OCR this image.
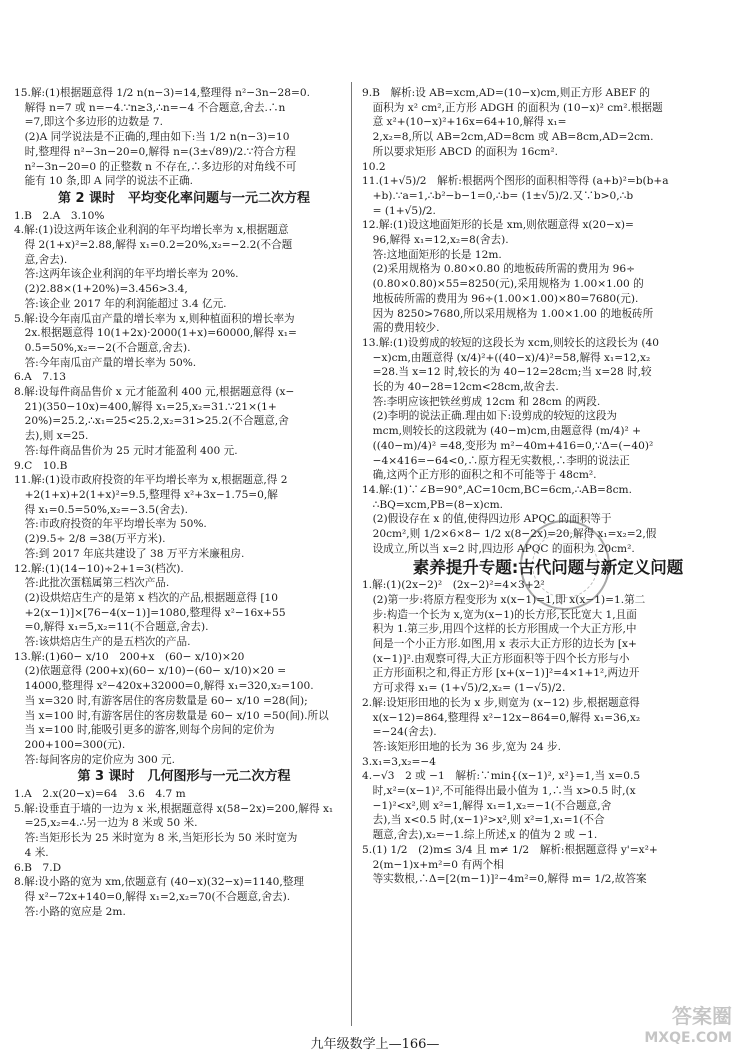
15.解:(1)根据题意得 1/2 n(n−3)=14,整理得 n²−3n−28=0.
解得 n=7 或 n=−4.∵n≥3,∴n=−4 不合题意,舍去.∴n
=7,即这个多边形的边数是 7.
(2)A 同学说法是不正确的,理由如下:当 1/2 n(n−3)=10
时,整理得 n²−3n−20=0,解得 n=(3±√89)/2.∵符合方程
n²−3n−20=0 的正整数 n 不存在,∴多边形的对角线不可
能有 10 条,即 A 同学的说法不正确.
第 2 课时　平均变化率问题与一元二次方程
1.B　2.A　3.10%
4.解:(1)设这两年该企业利润的年平均增长率为 x,根据题意
得 2(1+x)²=2.88,解得 x₁=0.2=20%,x₂=−2.2(不合题
意,舍去).
答:这两年该企业利润的年平均增长率为 20%.
(2)2.88×(1+20%)=3.456>3.4,
答:该企业 2017 年的利润能超过 3.4 亿元.
5.解:设今年南瓜亩产量的增长率为 x,则种植面积的增长率为
2x.根据题意得 10(1+2x)·2000(1+x)=60000,解得 x₁=
0.5=50%,x₂=−2(不合题意,舍去).
答:今年南瓜亩产量的增长率为 50%.
6.A　7.13
8.解:设每件商品售价 x 元才能盈利 400 元,根据题意得 (x−
21)(350−10x)=400,解得 x₁=25,x₂=31.∵21×(1+
20%)=25.2,∴x₁=25<25.2,x₂=31>25.2(不合题意,舍
去),则 x=25.
答:每件商品售价为 25 元时才能盈利 400 元.
9.C　10.B
11.解:(1)设市政府投资的年平均增长率为 x,根据题意,得 2
+2(1+x)+2(1+x)²=9.5,整理得 x²+3x−1.75=0,解
得 x₁=0.5=50%,x₂=−3.5(舍去).
答:市政府投资的年平均增长率为 50%.
(2)9.5÷ 2/8 =38(万平方米).
答:到 2017 年底共建设了 38 万平方米廉租房.
12.解:(1)(14−10)÷2+1=3(档次).
答:此批次蛋糕属第三档次产品.
(2)设烘焙店生产的是第 x 档次的产品,根据题意得 [10
+2(x−1)]×[76−4(x−1)]=1080,整理得 x²−16x+55
=0,解得 x₁=5,x₂=11(不合题意,舍去).
答:该烘焙店生产的是五档次的产品.
13.解:(1)60− x/10　200+x　(60− x/10)×20
(2)依题意得 (200+x)(60− x/10)−(60− x/10)×20 =
14000,整理得 x²−420x+32000=0,解得 x₁=320,x₂=100.
当 x=320 时,有游客居住的客房数量是 60− x/10 =28(间);
当 x=100 时,有游客居住的客房数量是 60− x/10 =50(间).所以
当 x=100 时,能吸引更多的游客,则每个房间的定价为
200+100=300(元).
答:每间客房的定价应为 300 元.
第 3 课时　几何图形与一元二次方程
1.A　2.x(20−x)=64　3.6　4.7 m
5.解:设垂直于墙的一边为 x 米,根据题意得 x(58−2x)=200,解得 x₁
=25,x₂=4.∴另一边为 8 米或 50 米.
答:当矩形长为 25 米时宽为 8 米,当矩形长为 50 米时宽为
4 米.
6.B　7.D
8.解:设小路的宽为 xm,依题意有 (40−x)(32−x)=1140,整理
得 x²−72x+140=0,解得 x₁=2,x₂=70(不合题意,舍去).
答:小路的宽应是 2m.
9.B　解析:设 AB=xcm,AD=(10−x)cm,则正方形 ABEF 的
面积为 x² cm²,正方形 ADGH 的面积为 (10−x)² cm².根据题
意 x²+(10−x)²+16x=64+10,解得 x₁=
2,x₂=8,所以 AB=2cm,AD=8cm 或 AB=8cm,AD=2cm.
所以要求矩形 ABCD 的面积为 16cm².
10.2
11.(1+√5)/2　解析:根据两个图形的面积相等得 (a+b)²=b(b+a
+b).∵a=1,∴b²−b−1=0,∴b= (1±√5)/2.又∵b>0,∴b
= (1+√5)/2.
12.解:(1)设这地面矩形的长是 xm,则依题意得 x(20−x)=
96,解得 x₁=12,x₂=8(舍去).
答:这地面矩形的长是 12m.
(2)采用规格为 0.80×0.80 的地板砖所需的费用为 96÷
(0.80×0.80)×55=8250(元),采用规格为 1.00×1.00 的
地板砖所需的费用为 96÷(1.00×1.00)×80=7680(元).
因为 8250>7680,所以采用规格为 1.00×1.00 的地板砖所
需的费用较少.
13.解:(1)设剪成的较短的这段长为 xcm,则较长的这段长为 (40
−x)cm,由题意得 (x/4)²+((40−x)/4)²=58,解得 x₁=12,x₂
=28.当 x=12 时,较长的为 40−12=28cm;当 x=28 时,较
长的为 40−28=12cm<28cm,故舍去.
答:李明应该把铁丝剪成 12cm 和 28cm 的两段.
(2)李明的说法正确.理由如下:设剪成的较短的这段为
mcm,则较长的这段就为 (40−m)cm,由题意得 (m/4)² +
((40−m)/4)² =48,变形为 m²−40m+416=0,∵Δ=(−40)²
−4×416=−64<0,∴原方程无实数根,∴李明的说法正
确,这两个正方形的面积之和不可能等于 48cm².
14.解:(1)∵∠B=90°,AC=10cm,BC=6cm,∴AB=8cm.
∴BQ=xcm,PB=(8−x)cm.
(2)假设存在 x 的值,使得四边形 APQC 的面积等于
20cm²,则 1/2×6×8− 1/2 x(8−2x)=20,解得 x₁=x₂=2,假
设成立,所以当 x=2 时,四边形 APQC 的面积为 20cm².
素养提升专题:古代问题与新定义问题
1.解:(1)(2x−2)²　(2x−2)²=4×3+2²
(2)第一步:将原方程变形为 x(x−1)=1,即 x(x−1)=1.第二
步:构造一个长为 x,宽为(x−1)的长方形,长比宽大 1,且面
积为 1.第三步,用四个这样的长方形围成一个大正方形,中
间是一个小正方形.如图,用 x 表示大正方形的边长为 [x+
(x−1)]².由观察可得,大正方形面积等于四个长方形与小
正方形面积之和,得正方形 [x+(x−1)]²=4×1+1²,两边开
方可求得 x₁= (1+√5)/2,x₂= (1−√5)/2.
2.解:设矩形田地的长为 x 步,则宽为 (x−12) 步,根据题意得
x(x−12)=864,整理得 x²−12x−864=0,解得 x₁=36,x₂
=−24(舍去).
答:该矩形田地的长为 36 步,宽为 24 步.
3.x₁=3,x₂=−4
4.−√3　2 或 −1　解析:∵min{(x−1)², x²}=1,当 x=0.5
时,x²=(x−1)²,不可能得出最小值为 1,∴当 x>0.5 时,(x
−1)²<x²,则 x²=1,解得 x₁=1,x₂=−1(不合题意,舍
去),当 x<0.5 时,(x−1)²>x²,则 x²=1,x₁=1(不合
题意,舍去),x₂=−1.综上所述,x 的值为 2 或 −1.
5.(1) 1/2　(2)m≤ 3/4 且 m≠ 1/2　解析:根据题意得 y'=x²+
2(m−1)x+m²=0 有两个相
等实数根,∴Δ=[2(m−1)]²−4m²=0,解得 m= 1/2,故答案
九年级数学上—166—
答案圈
MXQE.COM
